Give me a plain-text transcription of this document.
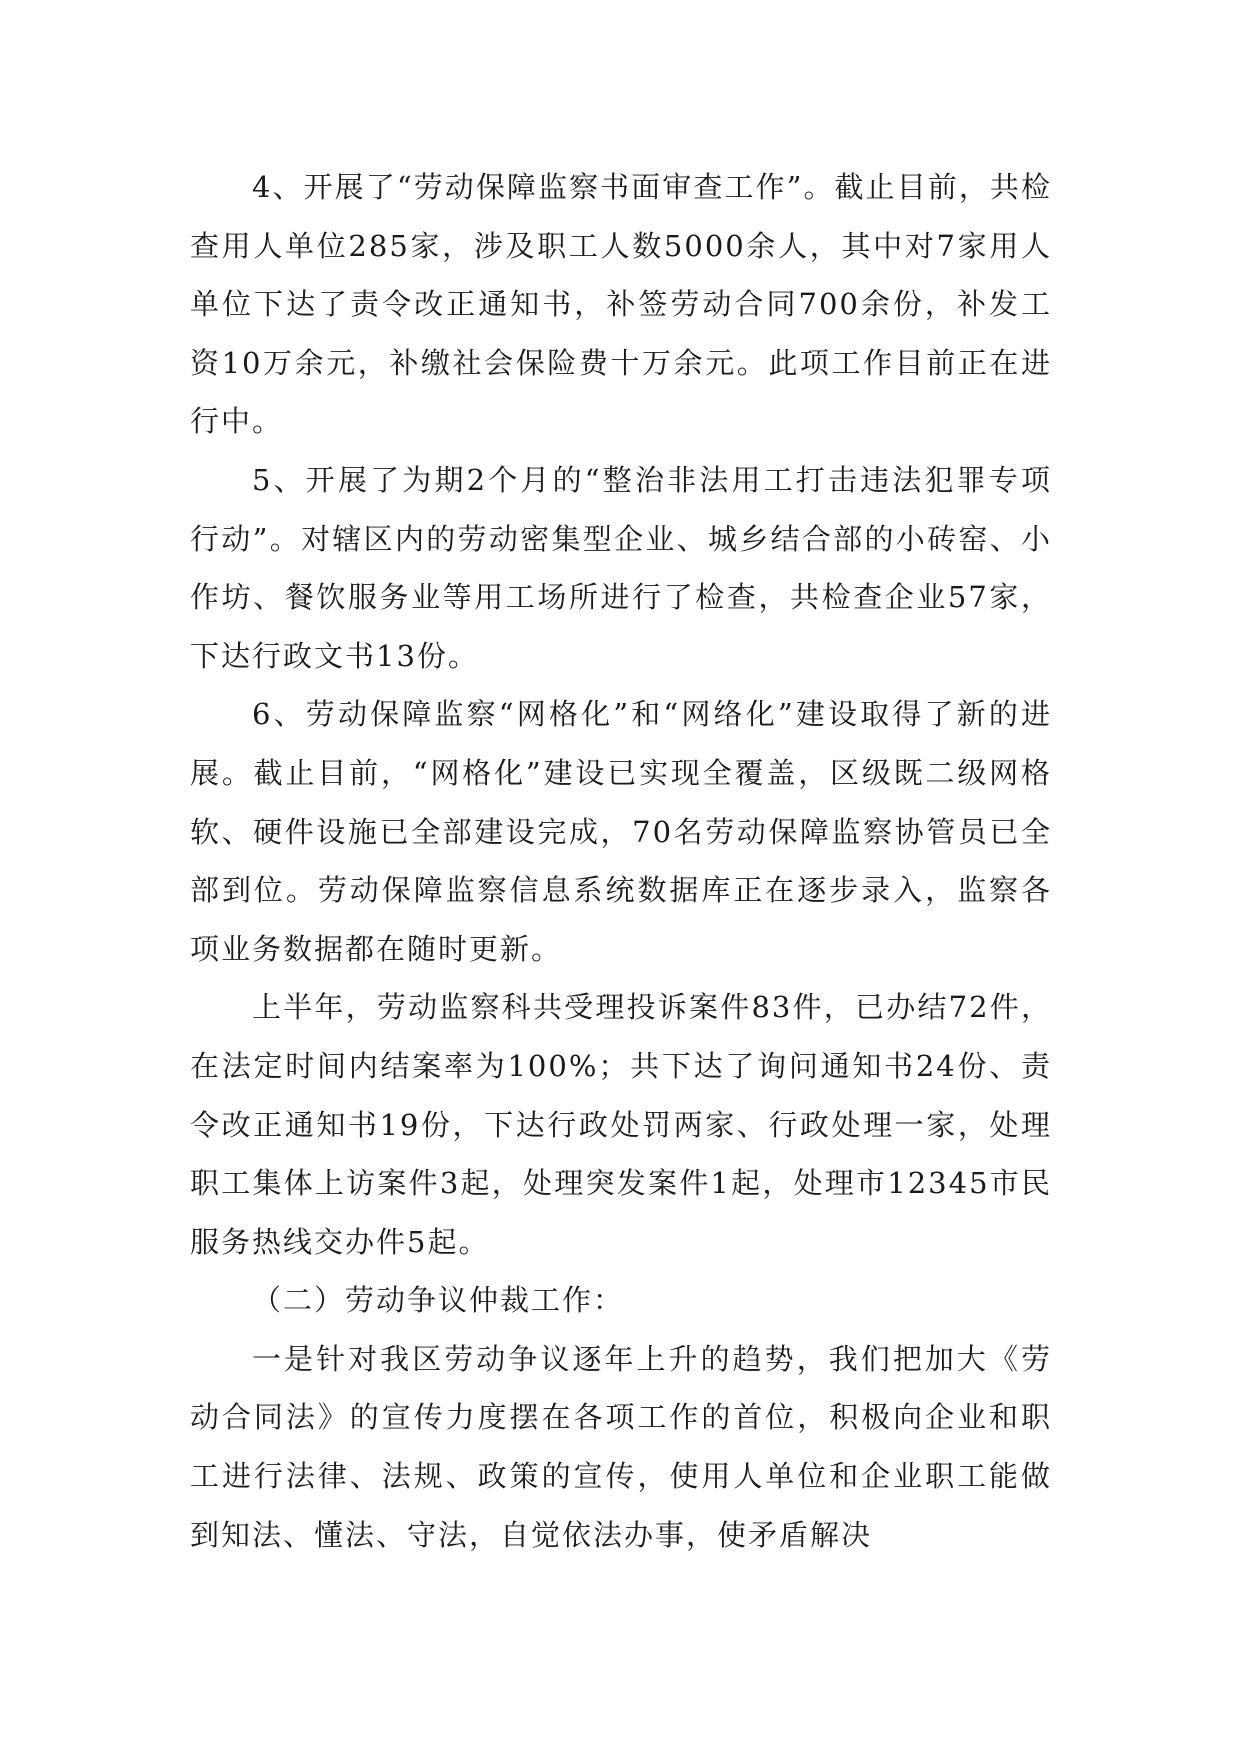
4、开展了“劳动保障监察书面审查工作”。截止目前，共检查用人单位285家，涉及职工人数5000余人，其中对7家用人单位下达了责令改正通知书，补签劳动合同700余份，补发工资10万余元，补缴社会保险费十万余元。此项工作目前正在进行中。

5、开展了为期2个月的“整治非法用工打击违法犯罪专项行动”。对辖区内的劳动密集型企业、城乡结合部的小砖窑、小作坊、餐饮服务业等用工场所进行了检查，共检查企业57家，下达行政文书13份。

6、劳动保障监察“网格化”和“网络化”建设取得了新的进展。截止目前，“网格化”建设已实现全覆盖，区级既二级网格软、硬件设施已全部建设完成，70名劳动保障监察协管员已全部到位。劳动保障监察信息系统数据库正在逐步录入，监察各项业务数据都在随时更新。

上半年，劳动监察科共受理投诉案件83件，已办结72件，在法定时间内结案率为100%；共下达了询问通知书24份、责令改正通知书19份，下达行政处罚两家、行政处理一家，处理职工集体上访案件3起，处理突发案件1起，处理市12345市民服务热线交办件5起。

（二）劳动争议仲裁工作：

一是针对我区劳动争议逐年上升的趋势，我们把加大《劳动合同法》的宣传力度摆在各项工作的首位，积极向企业和职工进行法律、法规、政策的宣传，使用人单位和企业职工能做到知法、懂法、守法，自觉依法办事，使矛盾解决
